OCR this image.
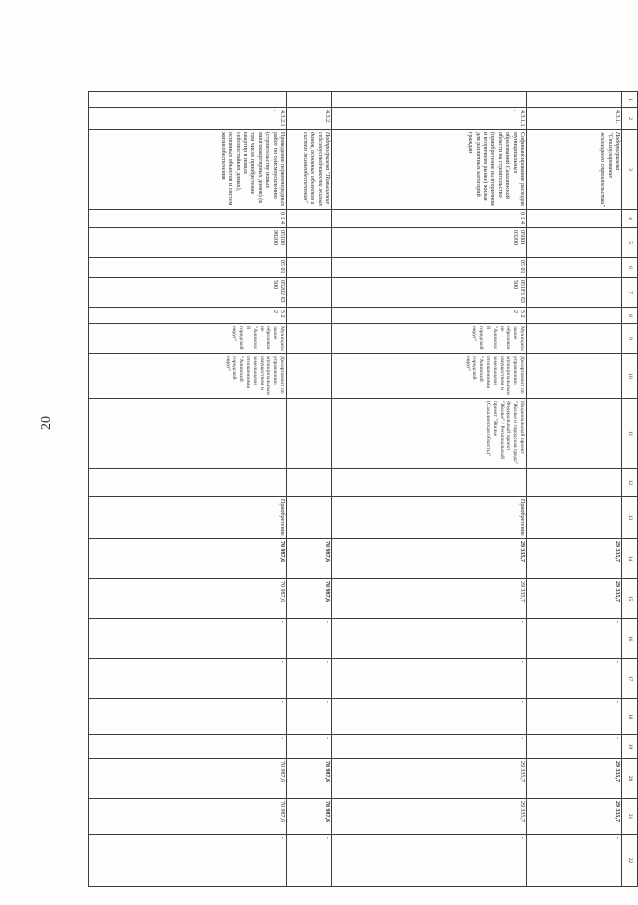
20
1	2	3	4	5	6	7	8	9	10	11	12	13	14	15	16	17	18	19	20	21	22
	4.3.1.	Подпрограмма "Стимулирование жилищного строительства"											29 335,7	29 335,7	-	-	-	-	29 335,7	29 335,7	-
	4.3.1.1.	Софинансирование расходов муниципальных образований Сахалинской области на строительство (приобретение на вторичном и вторичном рынке) жилья для различных категорий граждан	0 1 4	05001 03200	05 01	051F1 63 500	5 2 2	Муниципальное образование "Анивский городской округ"	Департамент по управлению муниципальным имуществом и земельными отношениями "Анивский городской округ"	Национальный проект "Жилье и городская среда" Федеральный проект "Жилье" / Региональный проект "Жилье (Сахалинская область)"		Приобретение	29 335,7	29 335,7	-	-	-	-	29 335,7	29 335,7	-
	4.3.2.	Подпрограмма "Повышение сейсмоустойчивости жилых домов, основных объектов и систем жизнеобеспечения"											70 987,6	70 987,6	-	-	-	-	70 987,6	70 987,6	-
	4.3.2.1.	Проведение первоочередных работ по сейсмоусилению (строительству новых многоквартирных домов) (в том числе приобретение квартир в новых сейсмостойких домах), основных объектов и систем жизнеобеспечения	0 1 4	05100 98200	05 01	05202 63 500	5 2 2	Муниципальное образование "Анивский городской округ"	Департамент по управлению муниципальным имуществом и земельными отношениями "Анивский городской округ"			Приобретение	70 987,6	70 987,6	-	-	-	-	70 987,6	70 987,6	-
